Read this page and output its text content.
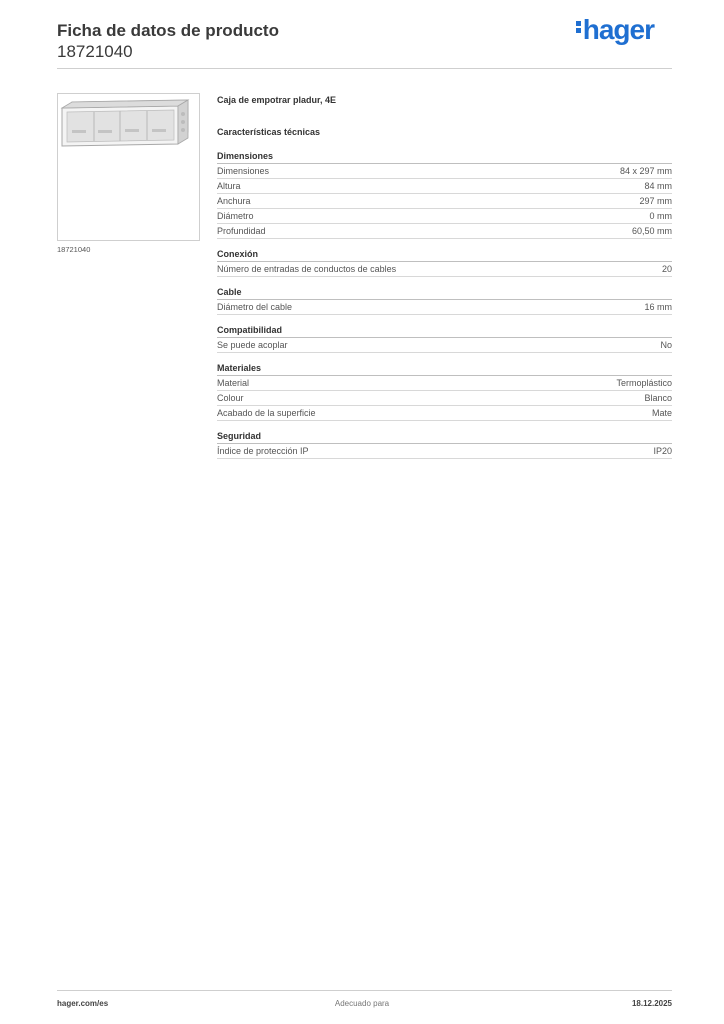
Ficha de datos de producto
18721040
hager
18721040
Caja de empotrar pladur, 4E
Características técnicas
Dimensiones
Dimensiones	84 x 297 mm
Altura	84 mm
Anchura	297 mm
Diámetro	0 mm
Profundidad	60,50 mm
Conexión
Número de entradas de conductos de cables	20
Cable
Diámetro del cable	16 mm
Compatibilidad
Se puede acoplar	No
Materiales
Material	Termoplástico
Colour	Blanco
Acabado de la superficie	Mate
Seguridad
Índice de protección IP	IP20
hager.com/es	Adecuado para	18.12.2025
